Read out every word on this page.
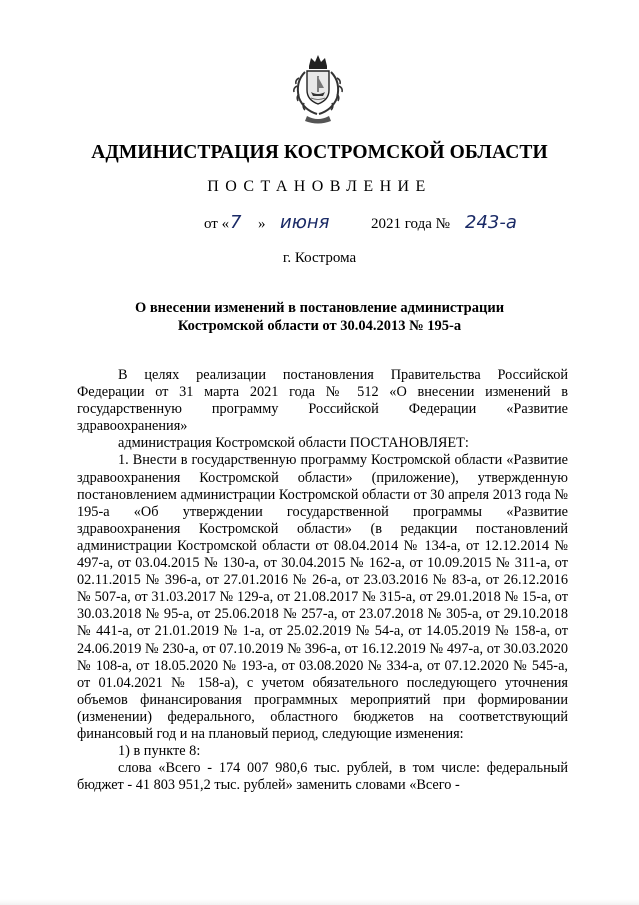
АДМИНИСТРАЦИЯ КОСТРОМСКОЙ ОБЛАСТИ
ПОСТАНОВЛЕНИЕ
от « 7 » июня	2021 года № 243-а
г. Кострома
О внесении изменений в постановление администрации
Костромской области от 30.04.2013 № 195-а

В целях реализации постановления Правительства Российской Федерации от 31 марта 2021 года № 512 «О внесении изменений в государственную программу Российской Федерации «Развитие здравоохранения»

администрация Костромской области ПОСТАНОВЛЯЕТ:

1. Внести в государственную программу Костромской области «Развитие здравоохранения Костромской области» (приложение), утвержденную постановлением администрации Костромской области от 30 апреля 2013 года № 195-а «Об утверждении государственной программы «Развитие здравоохранения Костромской области» (в редакции постановлений администрации Костромской области от 08.04.2014 № 134-а, от 12.12.2014 № 497-а, от 03.04.2015 № 130-а, от 30.04.2015 № 162-а, от 10.09.2015 № 311-а, от 02.11.2015 № 396-а, от 27.01.2016 № 26-а, от 23.03.2016 № 83-а, от 26.12.2016 № 507-а, от 31.03.2017 № 129-а, от 21.08.2017 № 315-а, от 29.01.2018 № 15-а, от 30.03.2018 № 95-а, от 25.06.2018 № 257-а, от 23.07.2018 № 305-а, от 29.10.2018 № 441-а, от 21.01.2019 № 1-а, от 25.02.2019 № 54-а, от 14.05.2019 № 158-а, от 24.06.2019 № 230-а, от 07.10.2019 № 396-а, от 16.12.2019 № 497-а, от 30.03.2020 № 108-а, от 18.05.2020 № 193-а, от 03.08.2020 № 334-а, от 07.12.2020 № 545-а, от 01.04.2021 № 158-а), с учетом обязательного последующего уточнения объемов финансирования программных мероприятий при формировании (изменении) федерального, областного бюджетов на соответствующий финансовый год и на плановый период, следующие изменения:

1) в пункте 8:

слова «Всего - 174 007 980,6 тыс. рублей, в том числе: федеральный бюджет - 41 803 951,2 тыс. рублей» заменить словами «Всего -
